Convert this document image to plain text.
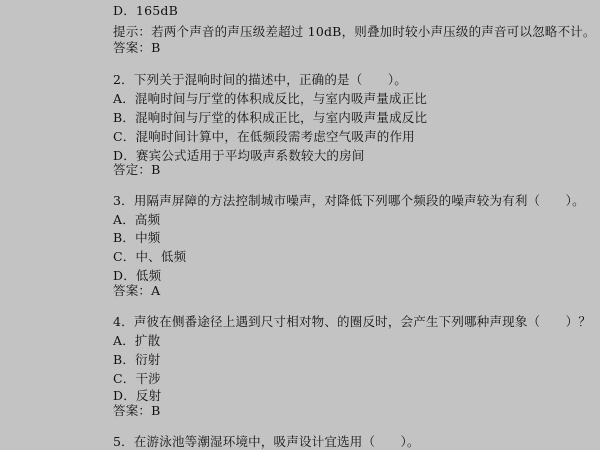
D．165dB
提示：若两个声音的声压级差超过 10dB，则叠加时较小声压级的声音可以忽略不计。
答案：B
2．下列关于混响时间的描述中，正确的是（　　）。
A．混响时间与厅堂的体积成反比，与室内吸声量成正比
B．混响时间与厅堂的体积成正比，与室内吸声量成反比
C．混响时间计算中，在低频段需考虑空气吸声的作用
D．赛宾公式适用于平均吸声系数较大的房间
答定：B
3．用隔声屏障的方法控制城市噪声，对降低下列哪个频段的噪声较为有利（　　）。
A．高频
B．中频
C．中、低频
D．低频
答案：A
4．声彼在侧番途径上遇到尺寸相对物、的圈反时，会产生下列哪种声现象（　　）？
A．扩散
B．衍射
C．干涉
D．反射
答案：B
5．在游泳池等潮湿环境中，吸声设计宜选用（　　）。
